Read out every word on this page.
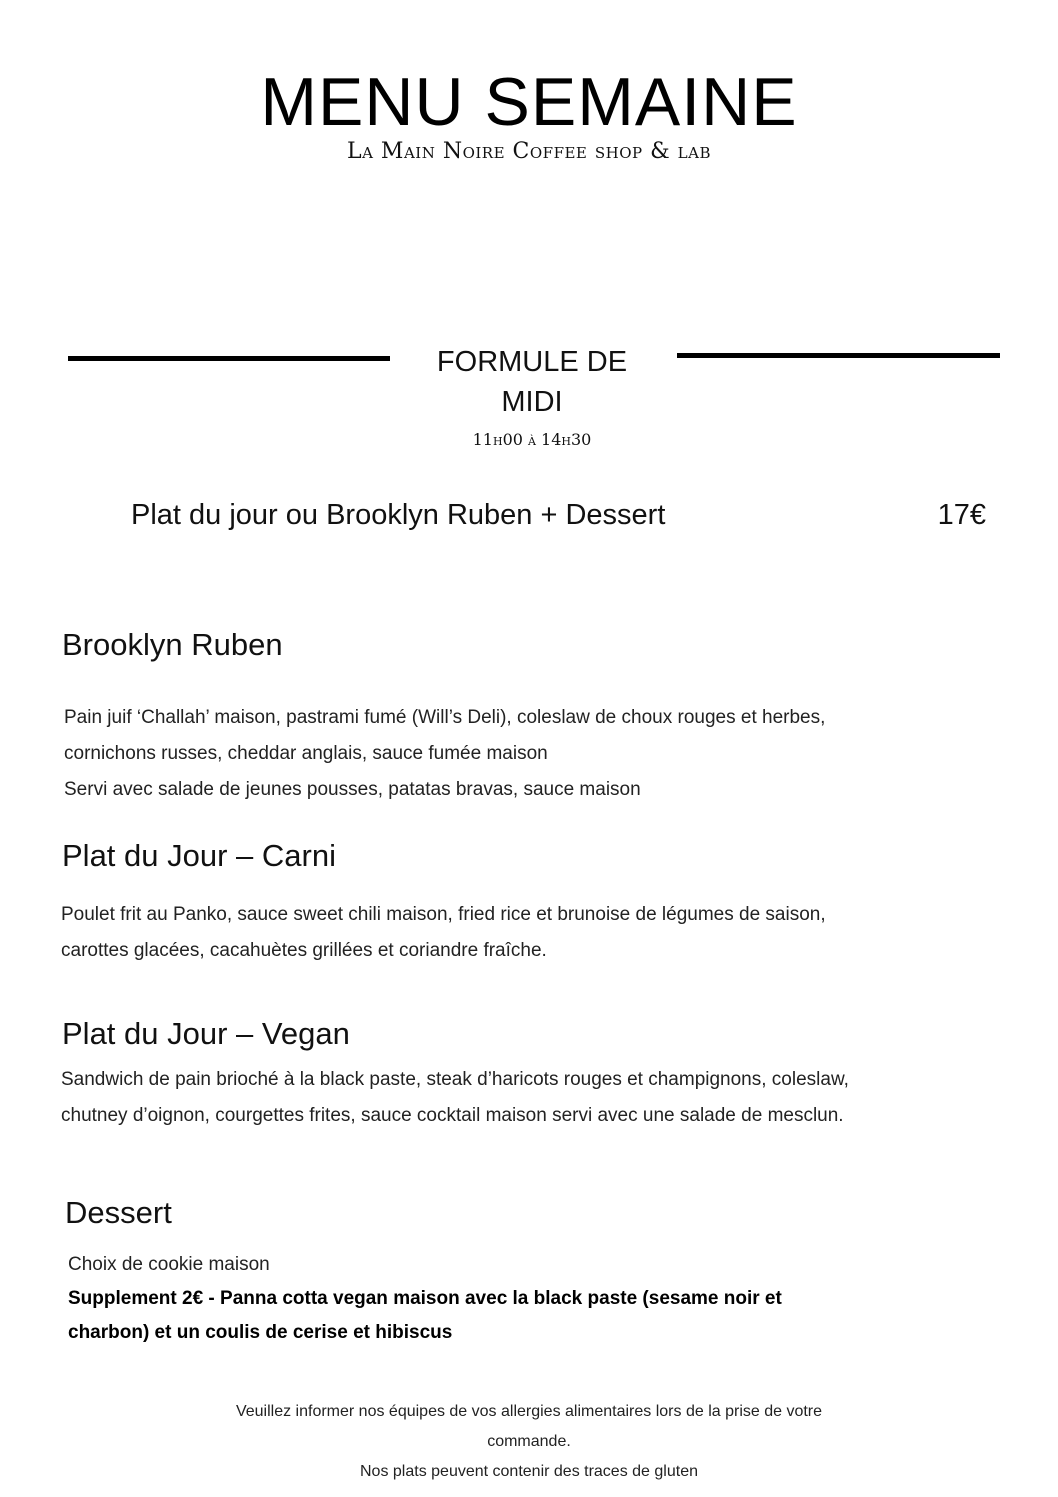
MENU SEMAINE
La Main Noire Coffee shop & lab
FORMULE DE
MIDI
11h00 à 14h30
Plat du jour ou Brooklyn Ruben + Dessert	17€
Brooklyn Ruben
Pain juif ‘Challah’ maison, pastrami fumé (Will’s Deli), coleslaw de choux rouges et herbes,
cornichons russes, cheddar anglais, sauce fumée maison
Servi avec salade de jeunes pousses, patatas bravas, sauce maison
Plat du Jour – Carni
Poulet frit au Panko, sauce sweet chili maison, fried rice et brunoise de légumes de saison,
carottes glacées, cacahuètes grillées et coriandre fraîche.
Plat du Jour – Vegan
Sandwich de pain brioché à la black paste, steak d’haricots rouges et champignons, coleslaw,
chutney d’oignon, courgettes frites, sauce cocktail maison servi avec une salade de mesclun.
Dessert
Choix de cookie maison
Supplement 2€ - Panna cotta vegan maison avec la black paste (sesame noir et
charbon) et un coulis de cerise et hibiscus
Veuillez informer nos équipes de vos allergies alimentaires lors de la prise de votre
commande.
Nos plats peuvent contenir des traces de gluten
